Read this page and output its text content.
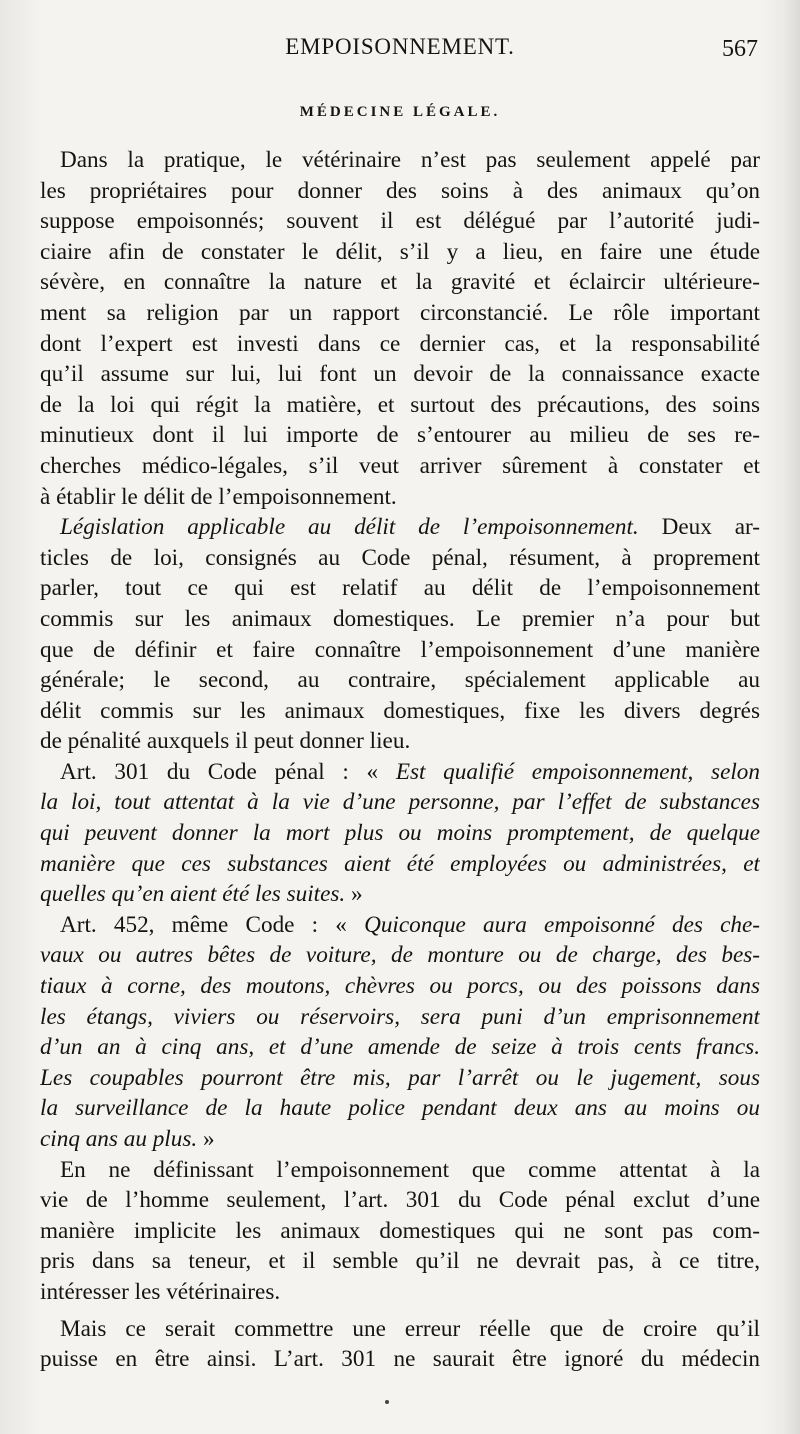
EMPOISONNEMENT.	567
MÉDECINE LÉGALE.
Dans la pratique, le vétérinaire n’est pas seulement appelé par
les propriétaires pour donner des soins à des animaux qu’on
suppose empoisonnés; souvent il est délégué par l’autorité judi-
ciaire afin de constater le délit, s’il y a lieu, en faire une étude
sévère, en connaître la nature et la gravité et éclaircir ultérieure-
ment sa religion par un rapport circonstancié. Le rôle important
dont l’expert est investi dans ce dernier cas, et la responsabilité
qu’il assume sur lui, lui font un devoir de la connaissance exacte
de la loi qui régit la matière, et surtout des précautions, des soins
minutieux dont il lui importe de s’entourer au milieu de ses re-
cherches médico-légales, s’il veut arriver sûrement à constater et
à établir le délit de l’empoisonnement.
Législation applicable au délit de l’empoisonnement. Deux ar-
ticles de loi, consignés au Code pénal, résument, à proprement
parler, tout ce qui est relatif au délit de l’empoisonnement
commis sur les animaux domestiques. Le premier n’a pour but
que de définir et faire connaître l’empoisonnement d’une manière
générale; le second, au contraire, spécialement applicable au
délit commis sur les animaux domestiques, fixe les divers degrés
de pénalité auxquels il peut donner lieu.
Art. 301 du Code pénal : « Est qualifié empoisonnement, selon
la loi, tout attentat à la vie d’une personne, par l’effet de substances
qui peuvent donner la mort plus ou moins promptement, de quelque
manière que ces substances aient été employées ou administrées, et
quelles qu’en aient été les suites. »
Art. 452, même Code : « Quiconque aura empoisonné des che-
vaux ou autres bêtes de voiture, de monture ou de charge, des bes-
tiaux à corne, des moutons, chèvres ou porcs, ou des poissons dans
les étangs, viviers ou réservoirs, sera puni d’un emprisonnement
d’un an à cinq ans, et d’une amende de seize à trois cents francs.
Les coupables pourront être mis, par l’arrêt ou le jugement, sous
la surveillance de la haute police pendant deux ans au moins ou
cinq ans au plus. »
En ne définissant l’empoisonnement que comme attentat à la
vie de l’homme seulement, l’art. 301 du Code pénal exclut d’une
manière implicite les animaux domestiques qui ne sont pas com-
pris dans sa teneur, et il semble qu’il ne devrait pas, à ce titre,
intéresser les vétérinaires.
Mais ce serait commettre une erreur réelle que de croire qu’il
puisse en être ainsi. L’art. 301 ne saurait être ignoré du médecin
